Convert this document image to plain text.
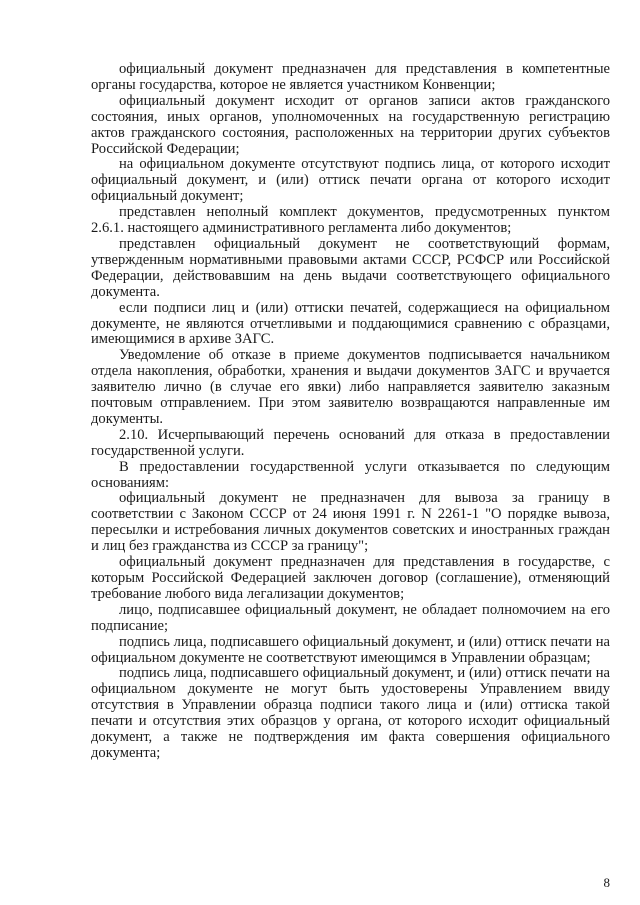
официальный документ предназначен для представления в компетентные органы государства, которое не является участником Конвенции;

официальный документ исходит от органов записи актов гражданского состояния, иных органов, уполномоченных на государственную регистрацию актов гражданского состояния, расположенных на территории других субъектов Российской Федерации;

на официальном документе отсутствуют подпись лица, от которого исходит официальный документ, и (или) оттиск печати органа от которого исходит официальный документ;

представлен неполный комплект документов, предусмотренных пунктом 2.6.1. настоящего административного регламента либо документов;

представлен официальный документ не соответствующий формам, утвержденным нормативными правовыми актами СССР, РСФСР или Российской Федерации, действовавшим на день выдачи соответствующего официального документа.

если подписи лиц и (или) оттиски печатей, содержащиеся на официальном документе, не являются отчетливыми и поддающимися сравнению с образцами, имеющимися в архиве ЗАГС.

Уведомление об отказе в приеме документов подписывается начальником отдела накопления, обработки, хранения и выдачи документов ЗАГС и вручается заявителю лично (в случае его явки) либо направляется заявителю заказным почтовым отправлением. При этом заявителю возвращаются направленные им документы.

2.10. Исчерпывающий перечень оснований для отказа в предоставлении государственной услуги.

В предоставлении государственной услуги отказывается по следующим основаниям:

официальный документ не предназначен для вывоза за границу в соответствии с Законом СССР от 24 июня 1991 г. N 2261-1 "О порядке вывоза, пересылки и истребования личных документов советских и иностранных граждан и лиц без гражданства из СССР за границу";

официальный документ предназначен для представления в государстве, с которым Российской Федерацией заключен договор (соглашение), отменяющий требование любого вида легализации документов;

лицо, подписавшее официальный документ, не обладает полномочием на его подписание;

подпись лица, подписавшего официальный документ, и (или) оттиск печати на официальном документе не соответствуют имеющимся в Управлении образцам;

подпись лица, подписавшего официальный документ, и (или) оттиск печати на официальном документе не могут быть удостоверены Управлением ввиду отсутствия в Управлении образца подписи такого лица и (или) оттиска такой печати и отсутствия этих образцов у органа, от которого исходит официальный документ, а также не подтверждения им факта совершения официального документа;

8
